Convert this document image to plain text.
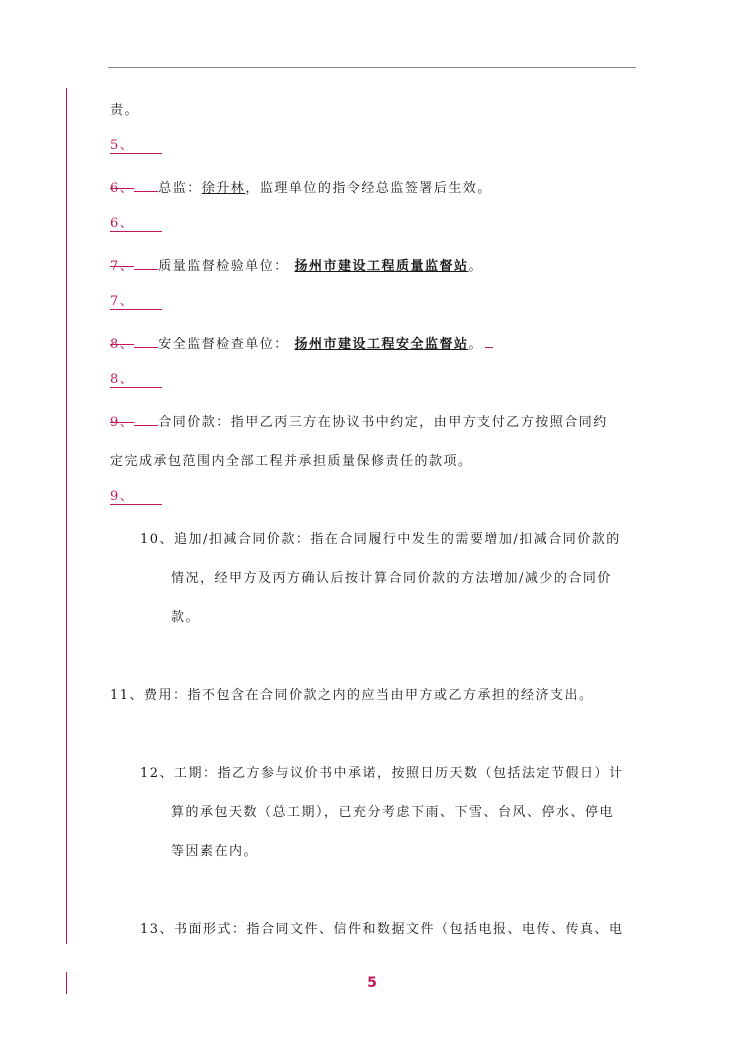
责。
5、
6、 总监：徐升林，监理单位的指令经总监签署后生效。
6、
7、 质量监督检验单位： 扬州市建设工程质量监督站。
7、
8、 安全监督检查单位： 扬州市建设工程安全监督站。
8、
9、 合同价款：指甲乙丙三方在协议书中约定，由甲方支付乙方按照合同约
定完成承包范围内全部工程并承担质量保修责任的款项。
9、
10、追加/扣减合同价款：指在合同履行中发生的需要增加/扣减合同价款的
情况，经甲方及丙方确认后按计算合同价款的方法增加/减少的合同价
款。
11、费用：指不包含在合同价款之内的应当由甲方或乙方承担的经济支出。
12、工期：指乙方参与议价书中承诺，按照日历天数（包括法定节假日）计
算的承包天数（总工期），已充分考虑下雨、下雪、台风、停水、停电
等因素在内。
13、书面形式：指合同文件、信件和数据文件（包括电报、电传、传真、电
5
